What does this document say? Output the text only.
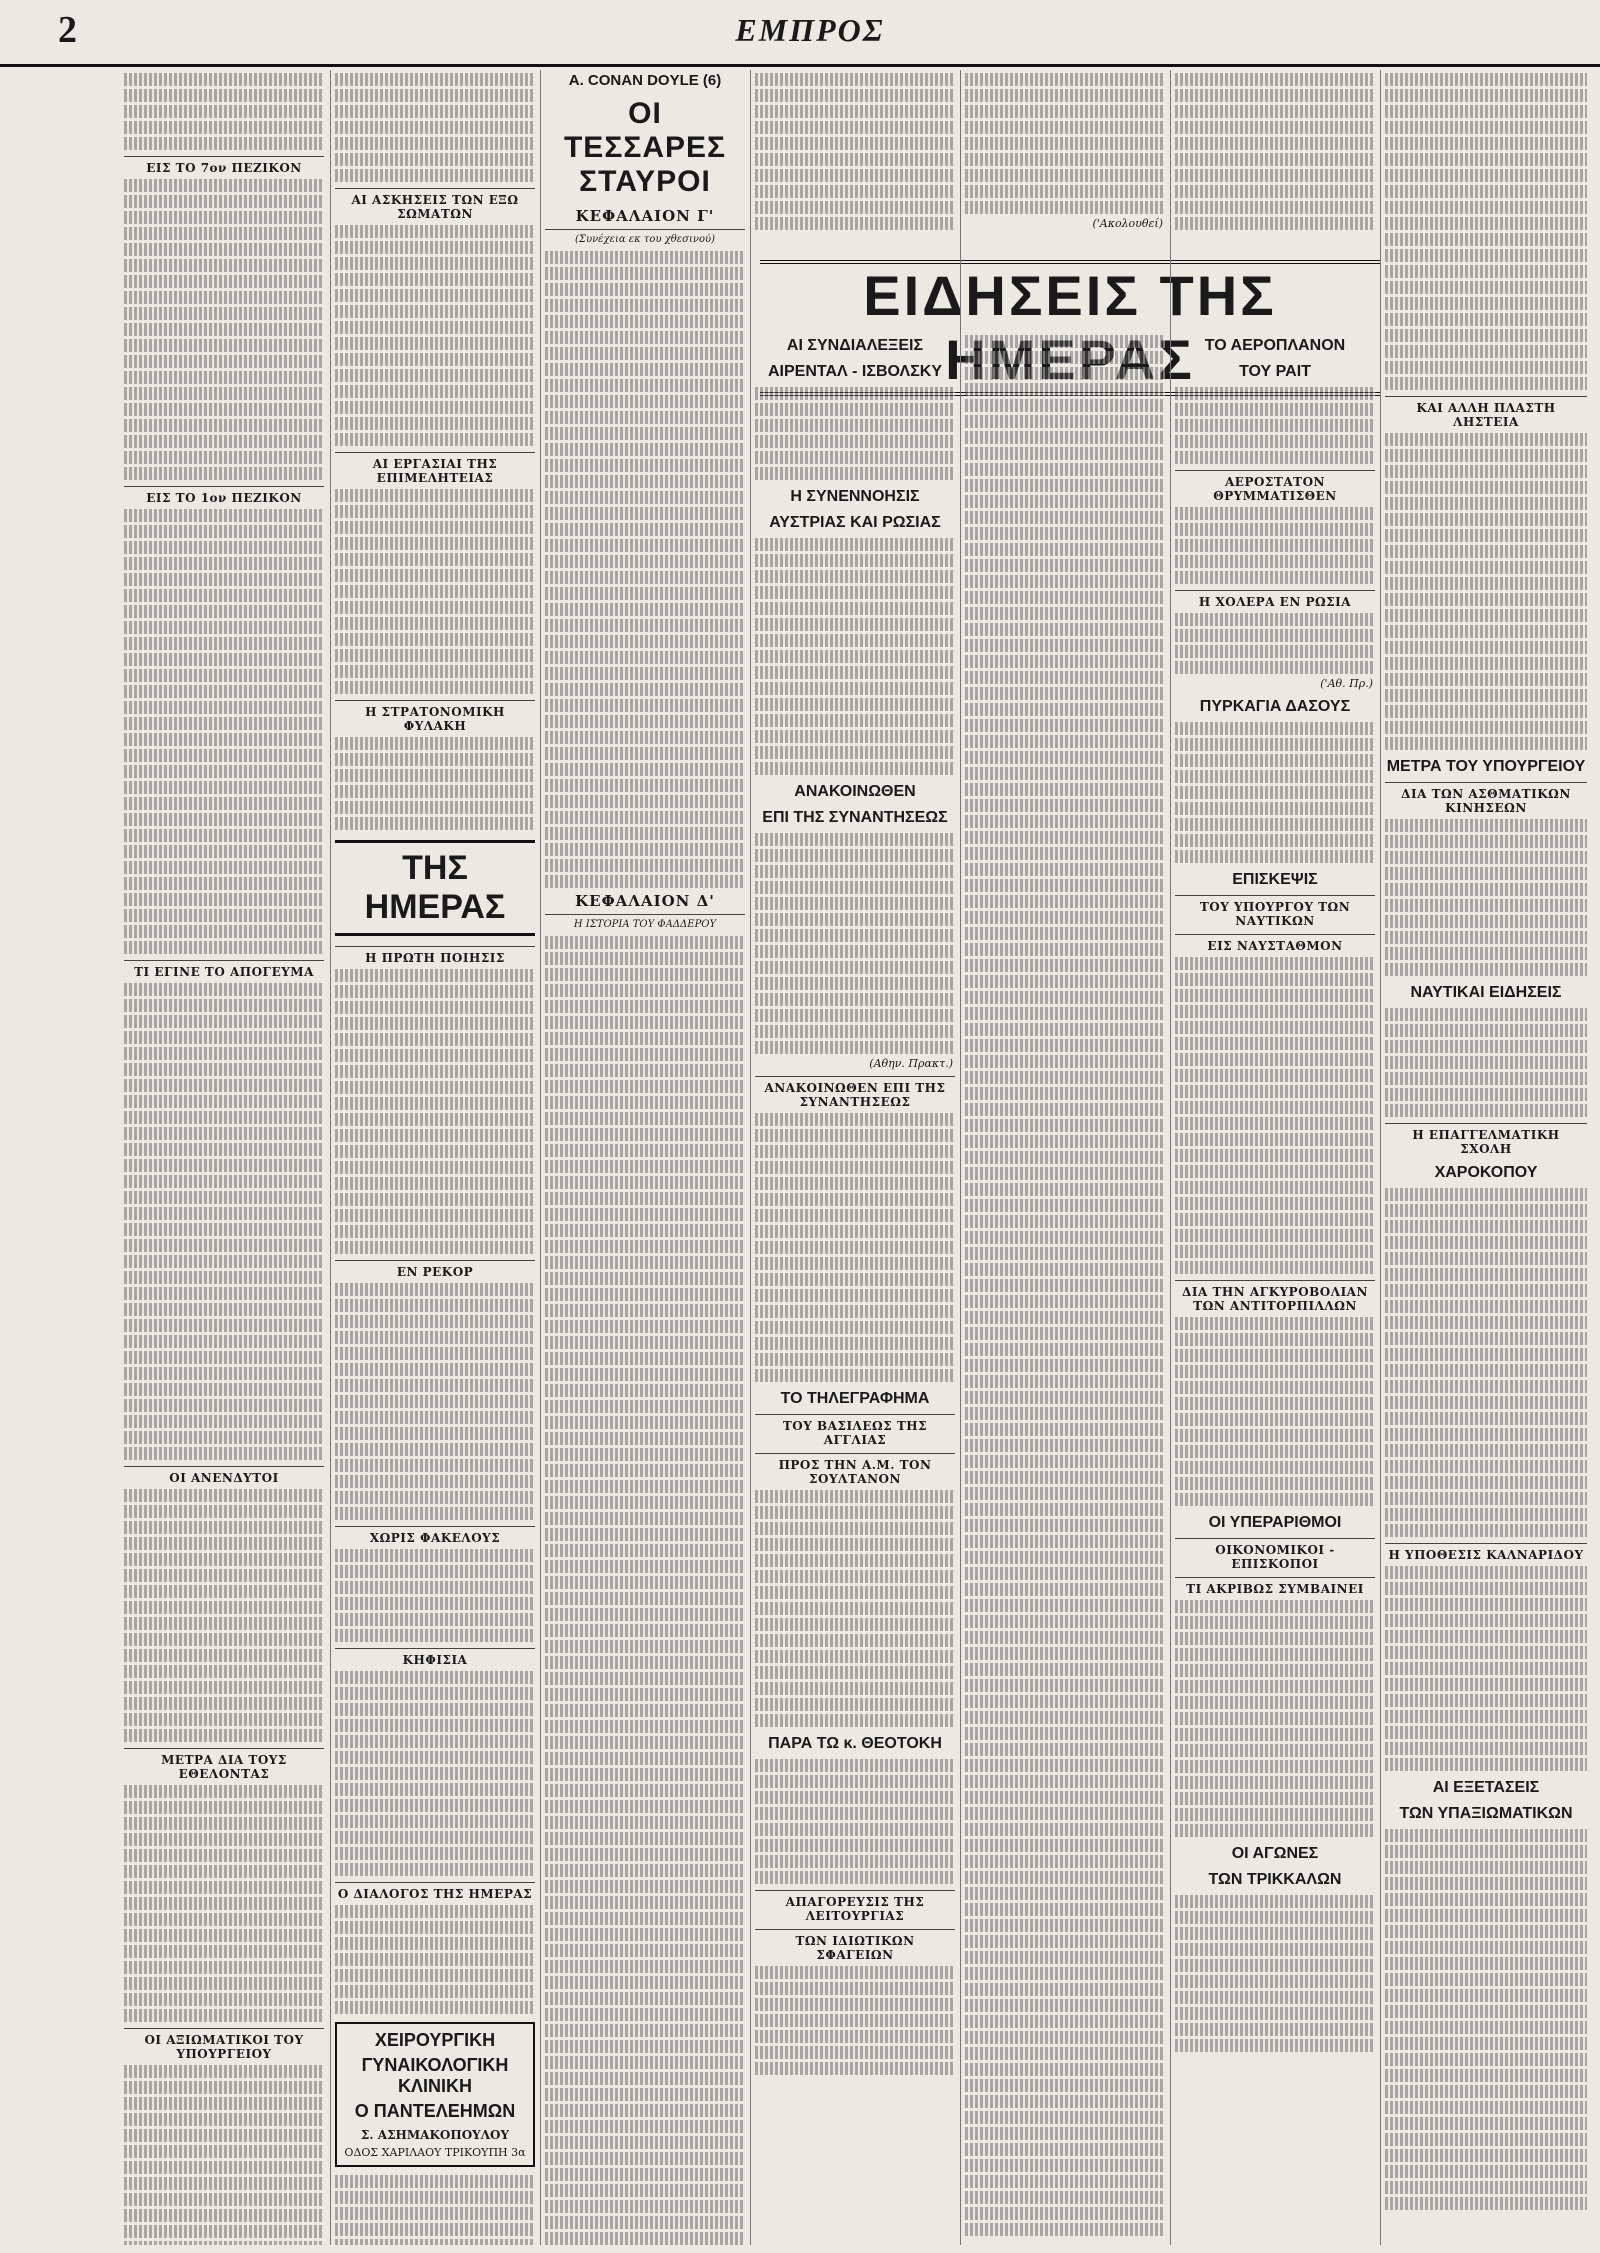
2	ΕΜΠΡΟΣ
ΕΙΔΗΣΕΙΣ ΤΗΣ ΗΜΕΡΑΣ
ΕΙΣ ΤΟ 7ον ΠΕΖΙΚΟΝ
ΕΙΣ ΤΟ 1ον ΠΕΖΙΚΟΝ
ΤΙ ΕΓΙΝΕ ΤΟ ΑΠΟΓΕΥΜΑ
ΟΙ ΑΝΕΝΔΥΤΟΙ
ΜΕΤΡΑ ΔΙΑ ΤΟΥΣ ΕΘΕΛΟΝΤΑΣ
ΟΙ ΑΞΙΩΜΑΤΙΚΟΙ ΤΟΥ ΥΠΟΥΡΓΕΙΟΥ
ΑΙ ΑΣΚΗΣΕΙΣ ΤΩΝ ΕΞΩ ΣΩΜΑΤΩΝ
ΑΙ ΕΡΓΑΣΙΑΙ ΤΗΣ ΕΠΙΜΕΛΗΤΕΙΑΣ
Η ΣΤΡΑΤΟΝΟΜΙΚΗ ΦΥΛΑΚΗ
ΤΗΣ ΗΜΕΡΑΣ
Η ΠΡΩΤΗ ΠΟΙΗΣΙΣ
ΕΝ ΡΕΚΟΡ
ΧΩΡΙΣ ΦΑΚΕΛΟΥΣ
ΚΗΦΙΣΙΑ
Ο ΔΙΑΛΟΓΟΣ ΤΗΣ ΗΜΕΡΑΣ
ΧΕΙΡΟΥΡΓΙΚΗ
ΓΥΝΑΙΚΟΛΟΓΙΚΗ ΚΛΙΝΙΚΗ
Ο ΠΑΝΤΕΛΕΗΜΩΝ
Σ. ΑΣΗΜΑΚΟΠΟΥΛΟΥ
ΟΔΟΣ ΧΑΡΙΛΑΟΥ ΤΡΙΚΟΥΠΗ 3α
Α. CONAN DOYLE (6)
ΟΙ ΤΕΣΣΑΡΕΣ ΣΤΑΥΡΟΙ
ΚΕΦΑΛΑΙΟΝ Γ'
(Συνέχεια εκ του χθεσινού)
ΚΕΦΑΛΑΙΟΝ Δ'
Η ΙΣΤΟΡΙΑ ΤΟΥ ΦΑΔΔΕΡΟΥ
ΑΙ ΣΥΝΔΙΑΛΕΞΕΙΣ
ΑΙΡΕΝΤΑΛ - ΙΣΒΟΛΣΚΥ
Η ΣΥΝΕΝΝΟΗΣΙΣ
ΑΥΣΤΡΙΑΣ ΚΑΙ ΡΩΣΙΑΣ
ΑΝΑΚΟΙΝΩΘΕΝ
ΕΠΙ ΤΗΣ ΣΥΝΑΝΤΗΣΕΩΣ
(Αθην. Πρακτ.)
ΑΝΑΚΟΙΝΩΘΕΝ ΕΠΙ ΤΗΣ ΣΥΝΑΝΤΗΣΕΩΣ
ΤΟ ΤΗΛΕΓΡΑΦΗΜΑ
ΤΟΥ ΒΑΣΙΛΕΩΣ ΤΗΣ ΑΓΓΛΙΑΣ
ΠΡΟΣ ΤΗΝ Α.Μ. ΤΟΝ ΣΟΥΛΤΑΝΟΝ
ΠΑΡΑ ΤΩ κ. ΘΕΟΤΟΚΗ
ΑΠΑΓΟΡΕΥΣΙΣ ΤΗΣ ΛΕΙΤΟΥΡΓΙΑΣ
ΤΩΝ ΙΔΙΩΤΙΚΩΝ ΣΦΑΓΕΙΩΝ
('Ακολουθεί)
ΤΟ ΑΕΡΟΠΛΑΝΟΝ
ΤΟΥ ΡΑΙΤ
ΑΕΡΟΣΤΑΤΟΝ ΘΡΥΜΜΑΤΙΣΘΕΝ
Η ΧΟΛΕΡΑ ΕΝ ΡΩΣΙΑ
('Αθ. Πρ.)
ΠΥΡΚΑΓΙΑ ΔΑΣΟΥΣ
ΕΠΙΣΚΕΨΙΣ
ΤΟΥ ΥΠΟΥΡΓΟΥ ΤΩΝ ΝΑΥΤΙΚΩΝ
ΕΙΣ ΝΑΥΣΤΑΘΜΟΝ
ΔΙΑ ΤΗΝ ΑΓΚΥΡΟΒΟΛΙΑΝ ΤΩΝ ΑΝΤΙΤΟΡΠΙΛΛΩΝ
ΟΙ ΥΠΕΡΑΡΙΘΜΟΙ
ΟΙΚΟΝΟΜΙΚΟΙ - ΕΠΙΣΚΟΠΟΙ
ΤΙ ΑΚΡΙΒΩΣ ΣΥΜΒΑΙΝΕΙ
ΟΙ ΑΓΩΝΕΣ
ΤΩΝ ΤΡΙΚΚΑΛΩΝ
ΚΑΙ ΑΛΛΗ ΠΛΑΣΤΗ ΛΗΣΤΕΙΑ
ΜΕΤΡΑ ΤΟΥ ΥΠΟΥΡΓΕΙΟΥ
ΔΙΑ ΤΩΝ ΑΣΘΜΑΤΙΚΩΝ ΚΙΝΗΣΕΩΝ
ΝΑΥΤΙΚΑΙ ΕΙΔΗΣΕΙΣ
Η ΕΠΑΓΓΕΛΜΑΤΙΚΗ ΣΧΟΛΗ
ΧΑΡΟΚΟΠΟΥ
Η ΥΠΟΘΕΣΙΣ ΚΑΛΝΑΡΙΔΟΥ
ΑΙ ΕΞΕΤΑΣΕΙΣ
ΤΩΝ ΥΠΑΞΙΩΜΑΤΙΚΩΝ
